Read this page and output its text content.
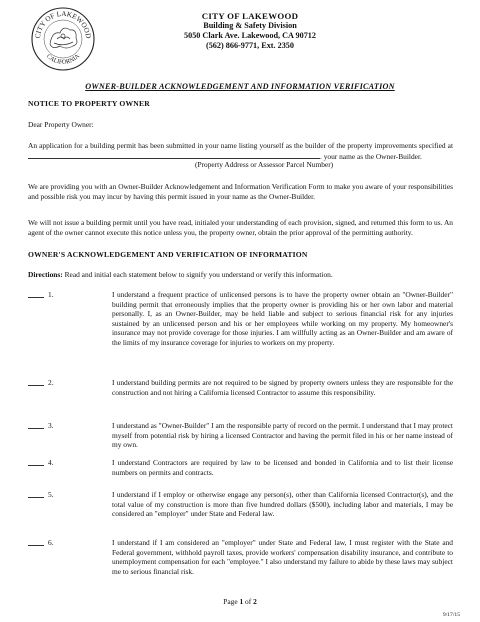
CITY OF LAKEWOOD
CALIFORNIA
CITY OF LAKEWOOD
Building & Safety Division
5050 Clark Ave. Lakewood, CA 90712
(562) 866-9771, Ext. 2350
OWNER-BUILDER ACKNOWLEDGEMENT AND INFORMATION VERIFICATION
NOTICE TO PROPERTY OWNER
Dear Property Owner:
An application for a building permit has been submitted in your name listing yourself as the builder of the property improvements specified at . your name as the Owner-Builder.
(Property Address or Assessor Parcel Number)
We are providing you with an Owner-Builder Acknowledgement and Information Verification Form to make you aware of your responsibilities and possible risk you may incur by having this permit issued in your name as the Owner-Builder.
We will not issue a building permit until you have read, initialed your understanding of each provision, signed, and returned this form to us. An agent of the owner cannot execute this notice unless you, the property owner, obtain the prior approval of the permitting authority.
OWNER'S ACKNOWLEDGEMENT AND VERIFICATION OF INFORMATION
Directions: Read and initial each statement below to signify you understand or verify this information.
1.	I understand a frequent practice of unlicensed persons is to have the property owner obtain an "Owner-Builder" building permit that erroneously implies that the property owner is providing his or her own labor and material personally. I, as an Owner-Builder, may be held liable and subject to serious financial risk for any injuries sustained by an unlicensed person and his or her employees while working on my property. My homeowner's insurance may not provide coverage for those injuries. I am willfully acting as an Owner-Builder and am aware of the limits of my insurance coverage for injuries to workers on my property.
2.	I understand building permits are not required to be signed by property owners unless they are responsible for the construction and not hiring a California licensed Contractor to assume this responsibility.
3.	I understand as "Owner-Builder" I am the responsible party of record on the permit. I understand that I may protect myself from potential risk by hiring a licensed Contractor and having the permit filed in his or her name instead of my own.
4.	I understand Contractors are required by law to be licensed and bonded in California and to list their license numbers on permits and contracts.
5.	I understand if I employ or otherwise engage any person(s), other than California licensed Contractor(s), and the total value of my construction is more than five hundred dollars ($500), including labor and materials, I may be considered an "employer" under State and Federal law.
6.	I understand if I am considered an "employer" under State and Federal law, I must register with the State and Federal government, withhold payroll taxes, provide workers' compensation disability insurance, and contribute to unemployment compensation for each "employee." I also understand my failure to abide by these laws may subject me to serious financial risk.
Page 1 of 2
9/17/15
